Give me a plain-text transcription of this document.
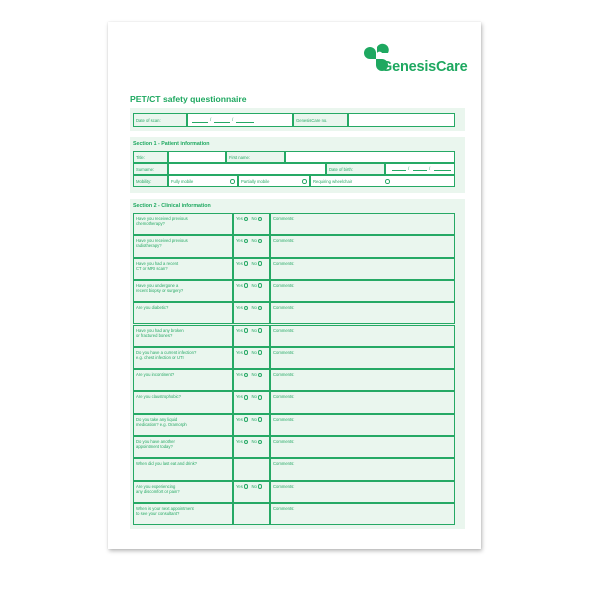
GenesisCare
PET/CT safety questionnaire
Date of scan:	/	/	GenesisCare no.
Section 1 - Patient information
Title:	First name:
Surname:	Date of birth:	/	/
Mobility:	Fully mobile	Partially mobile	Requiring wheelchair
Section 2 - Clinical information
Have you received previous
chemotherapy?
Yes No	Comments:
Have you received previous
radiotherapy?
Yes No	Comments:
Have you had a recent
CT or MRI scan?
Yes No	Comments:
Have you undergone a
recent biopsy or surgery?
Yes No	Comments:
Are you diabetic?	Yes No	Comments:
Have you had any broken
or fractured bones?
Yes No	Comments:
Do you have a current infection?
e.g. chest infection or UTI
Yes No	Comments:
Are you incontinent?	Yes No	Comments:
Are you claustrophobic?	Yes No	Comments:
Do you take any liquid
medication? e.g. Oramorph
Yes No	Comments:
Do you have another
appointment today?
Yes No	Comments:
When did you last eat and drink?	Comments:
Are you experiencing
any discomfort or pain?
Yes No	Comments:
When is your next appointment
to see your consultant?
Comments:
